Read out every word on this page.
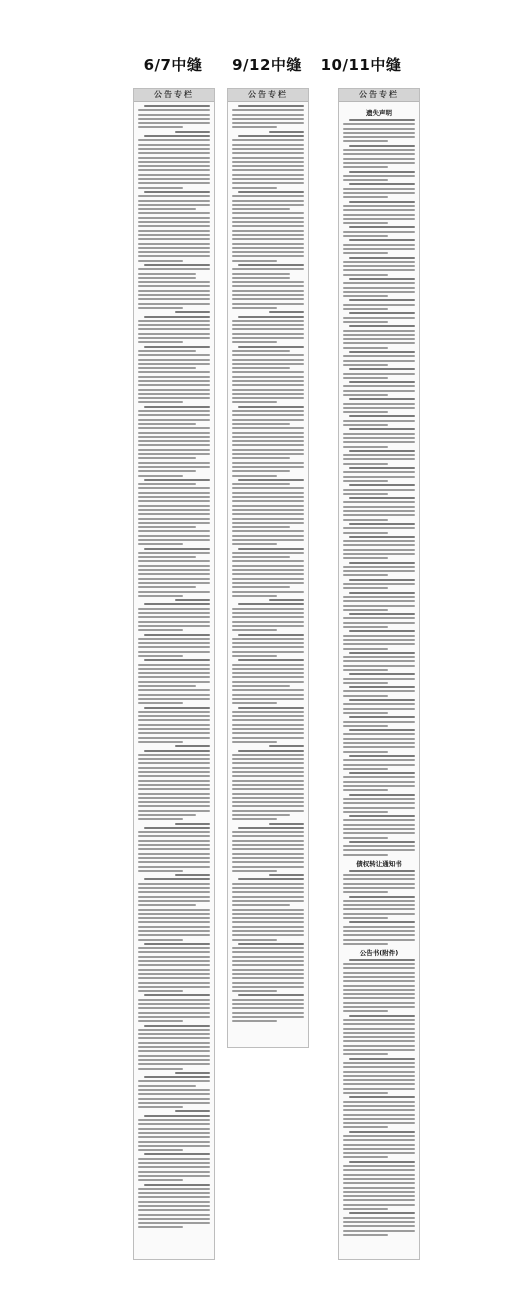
6/7中缝	9/12中缝	10/11中缝
公告专栏	公告专栏	公告专栏
遗失声明
债权转让通知书
公告书(附件)
